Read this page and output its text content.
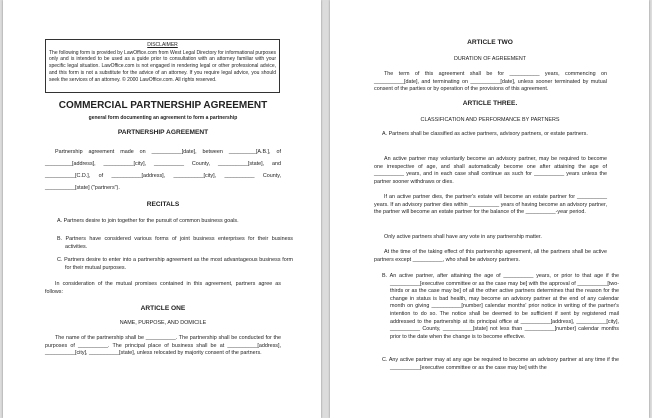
DISCLAIMER
The following form is provided by LawOffice.com from West Legal Directory for informational purposes only and is intended to be used as a guide prior to consultation with an attorney familiar with your specific legal situation. LawOffice.com is not engaged in rendering legal or other professional advice, and this form is not a substitute for the advice of an attorney. If you require legal advice, you should seek the services of an attorney. © 2000 LawOffice.com. All rights reserved.
COMMERCIAL PARTNERSHIP AGREEMENT
general form documenting an agreement to form a partnership
PARTNERSHIP AGREEMENT

Partnership agreement made on __________[date], between _________[A.B.], of _________[address], __________[city], __________ County, __________[state], and __________[C.D.], of __________[address], __________[city], __________ County, __________[state] ("partners").

RECITALS

A. Partners desire to join together for the pursuit of common business goals.

B. Partners have considered various forms of joint business enterprises for their business activities.

C. Partners desire to enter into a partnership agreement as the most advantageous business form for their mutual purposes.

In consideration of the mutual promises contained in this agreement, partners agree as follows:

ARTICLE ONE
NAME, PURPOSE, AND DOMICILE

The name of the partnership shall be __________. The partnership shall be conducted for the purposes of __________. The principal place of business shall be at __________[address], __________[city], __________[state], unless relocated by majority consent of the partners.

ARTICLE TWO
DURATION OF AGREEMENT

The term of this agreement shall be for __________ years, commencing on __________[date], and terminating on __________[date], unless sooner terminated by mutual consent of the parties or by operation of the provisions of this agreement.

ARTICLE THREE.
CLASSIFICATION AND PERFORMANCE BY PARTNERS

A. Partners shall be classified as active partners, advisory partners, or estate partners.

An active partner may voluntarily become an advisory partner, may be required to become one irrespective of age, and shall automatically become one after attaining the age of __________ years, and in each case shall continue as such for __________ years unless the partner sooner withdraws or dies.

If an active partner dies, the partner's estate will become an estate partner for __________ years. If an advisory partner dies within __________ years of having become an advisory partner, the partner will become an estate partner for the balance of the __________-year period.

Only active partners shall have any vote in any partnership matter.

At the time of the taking effect of this partnership agreement, all the partners shall be active partners except __________, who shall be advisory partners.

B. An active partner, after attaining the age of __________ years, or prior to that age if the __________[executive committee or as the case may be] with the approval of __________[two-thirds or as the case may be] of all the other active partners determines that the reason for the change in status is bad health, may become an advisory partner at the end of any calendar month on giving __________[number] calendar months' prior notice in writing of the partner's intention to do so. The notice shall be deemed to be sufficient if sent by registered mail addressed to the partnership at its principal office at __________[address], __________[city], __________ County, __________[state] not less than __________[number] calendar months prior to the date when the change is to become effective.

C. Any active partner may at any age be required to become an advisory partner at any time if the __________[executive committee or as the case may be] with the
